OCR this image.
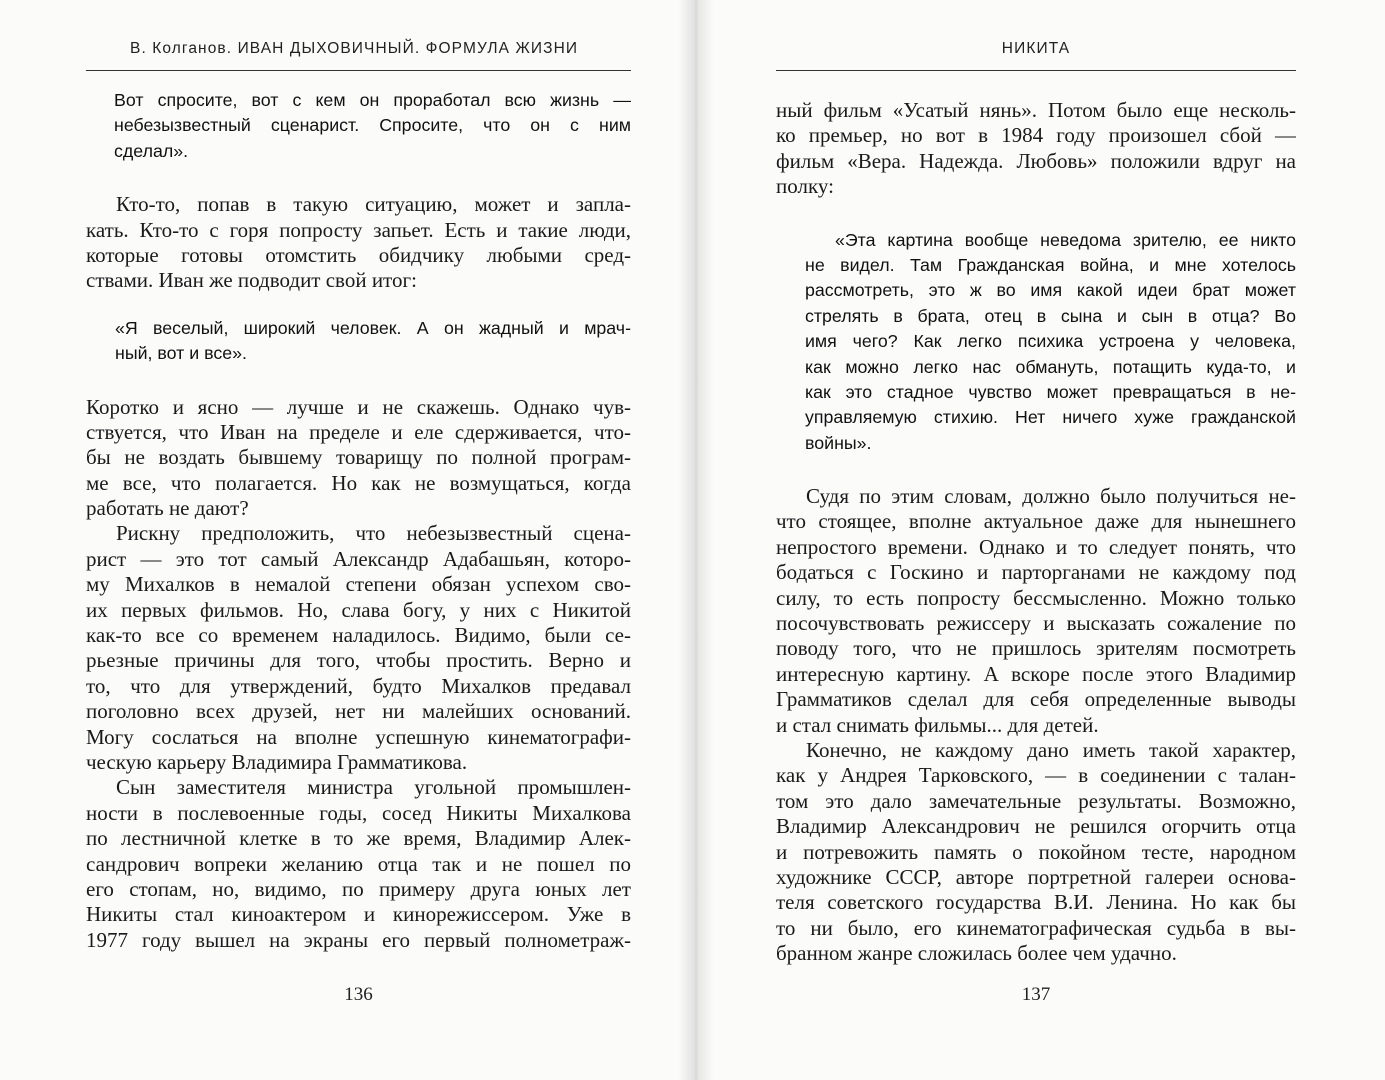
В. Колганов. ИВАН ДЫХОВИЧНЫЙ. ФОРМУЛА ЖИЗНИ
Вот спросите, вот с кем он проработал всю жизнь —
небезызвестный сценарист. Спросите, что он с ним
сделал».
Кто-то, попав в такую ситуацию, может и запла-
кать. Кто-то с горя попросту запьет. Есть и такие люди,
которые готовы отомстить обидчику любыми сред-
ствами. Иван же подводит свой итог:
«Я веселый, широкий человек. А он жадный и мрач-
ный, вот и все».
Коротко и ясно — лучше и не скажешь. Однако чув-
ствуется, что Иван на пределе и еле сдерживается, что-
бы не воздать бывшему товарищу по полной програм-
ме все, что полагается. Но как не возмущаться, когда
работать не дают?
Рискну предположить, что небезызвестный сцена-
рист — это тот самый Александр Адабашьян, которо-
му Михалков в немалой степени обязан успехом сво-
их первых фильмов. Но, слава богу, у них с Никитой
как-то все со временем наладилось. Видимо, были се-
рьезные причины для того, чтобы простить. Верно и
то, что для утверждений, будто Михалков предавал
поголовно всех друзей, нет ни малейших оснований.
Могу сослаться на вполне успешную кинематографи-
ческую карьеру Владимира Грамматикова.
Сын заместителя министра угольной промышлен-
ности в послевоенные годы, сосед Никиты Михалкова
по лестничной клетке в то же время, Владимир Алек-
сандрович вопреки желанию отца так и не пошел по
его стопам, но, видимо, по примеру друга юных лет
Никиты стал киноактером и кинорежиссером. Уже в
1977 году вышел на экраны его первый полнометраж-
136
НИКИТА
ный фильм «Усатый нянь». Потом было еще несколь-
ко премьер, но вот в 1984 году произошел сбой —
фильм «Вера. Надежда. Любовь» положили вдруг на
полку:
«Эта картина вообще неведома зрителю, ее никто
не видел. Там Гражданская война, и мне хотелось
рассмотреть, это ж во имя какой идеи брат может
стрелять в брата, отец в сына и сын в отца? Во
имя чего? Как легко психика устроена у человека,
как можно легко нас обмануть, потащить куда-то, и
как это стадное чувство может превращаться в не-
управляемую стихию. Нет ничего хуже гражданской
войны».
Судя по этим словам, должно было получиться не-
что стоящее, вполне актуальное даже для нынешнего
непростого времени. Однако и то следует понять, что
бодаться с Госкино и парторганами не каждому под
силу, то есть попросту бессмысленно. Можно только
посочувствовать режиссеру и высказать сожаление по
поводу того, что не пришлось зрителям посмотреть
интересную картину. А вскоре после этого Владимир
Грамматиков сделал для себя определенные выводы
и стал снимать фильмы... для детей.
Конечно, не каждому дано иметь такой характер,
как у Андрея Тарковского, — в соединении с талан-
том это дало замечательные результаты. Возможно,
Владимир Александрович не решился огорчить отца
и потревожить память о покойном тесте, народном
художнике СССР, авторе портретной галереи основа-
теля советского государства В.И. Ленина. Но как бы
то ни было, его кинематографическая судьба в вы-
бранном жанре сложилась более чем удачно.
137
